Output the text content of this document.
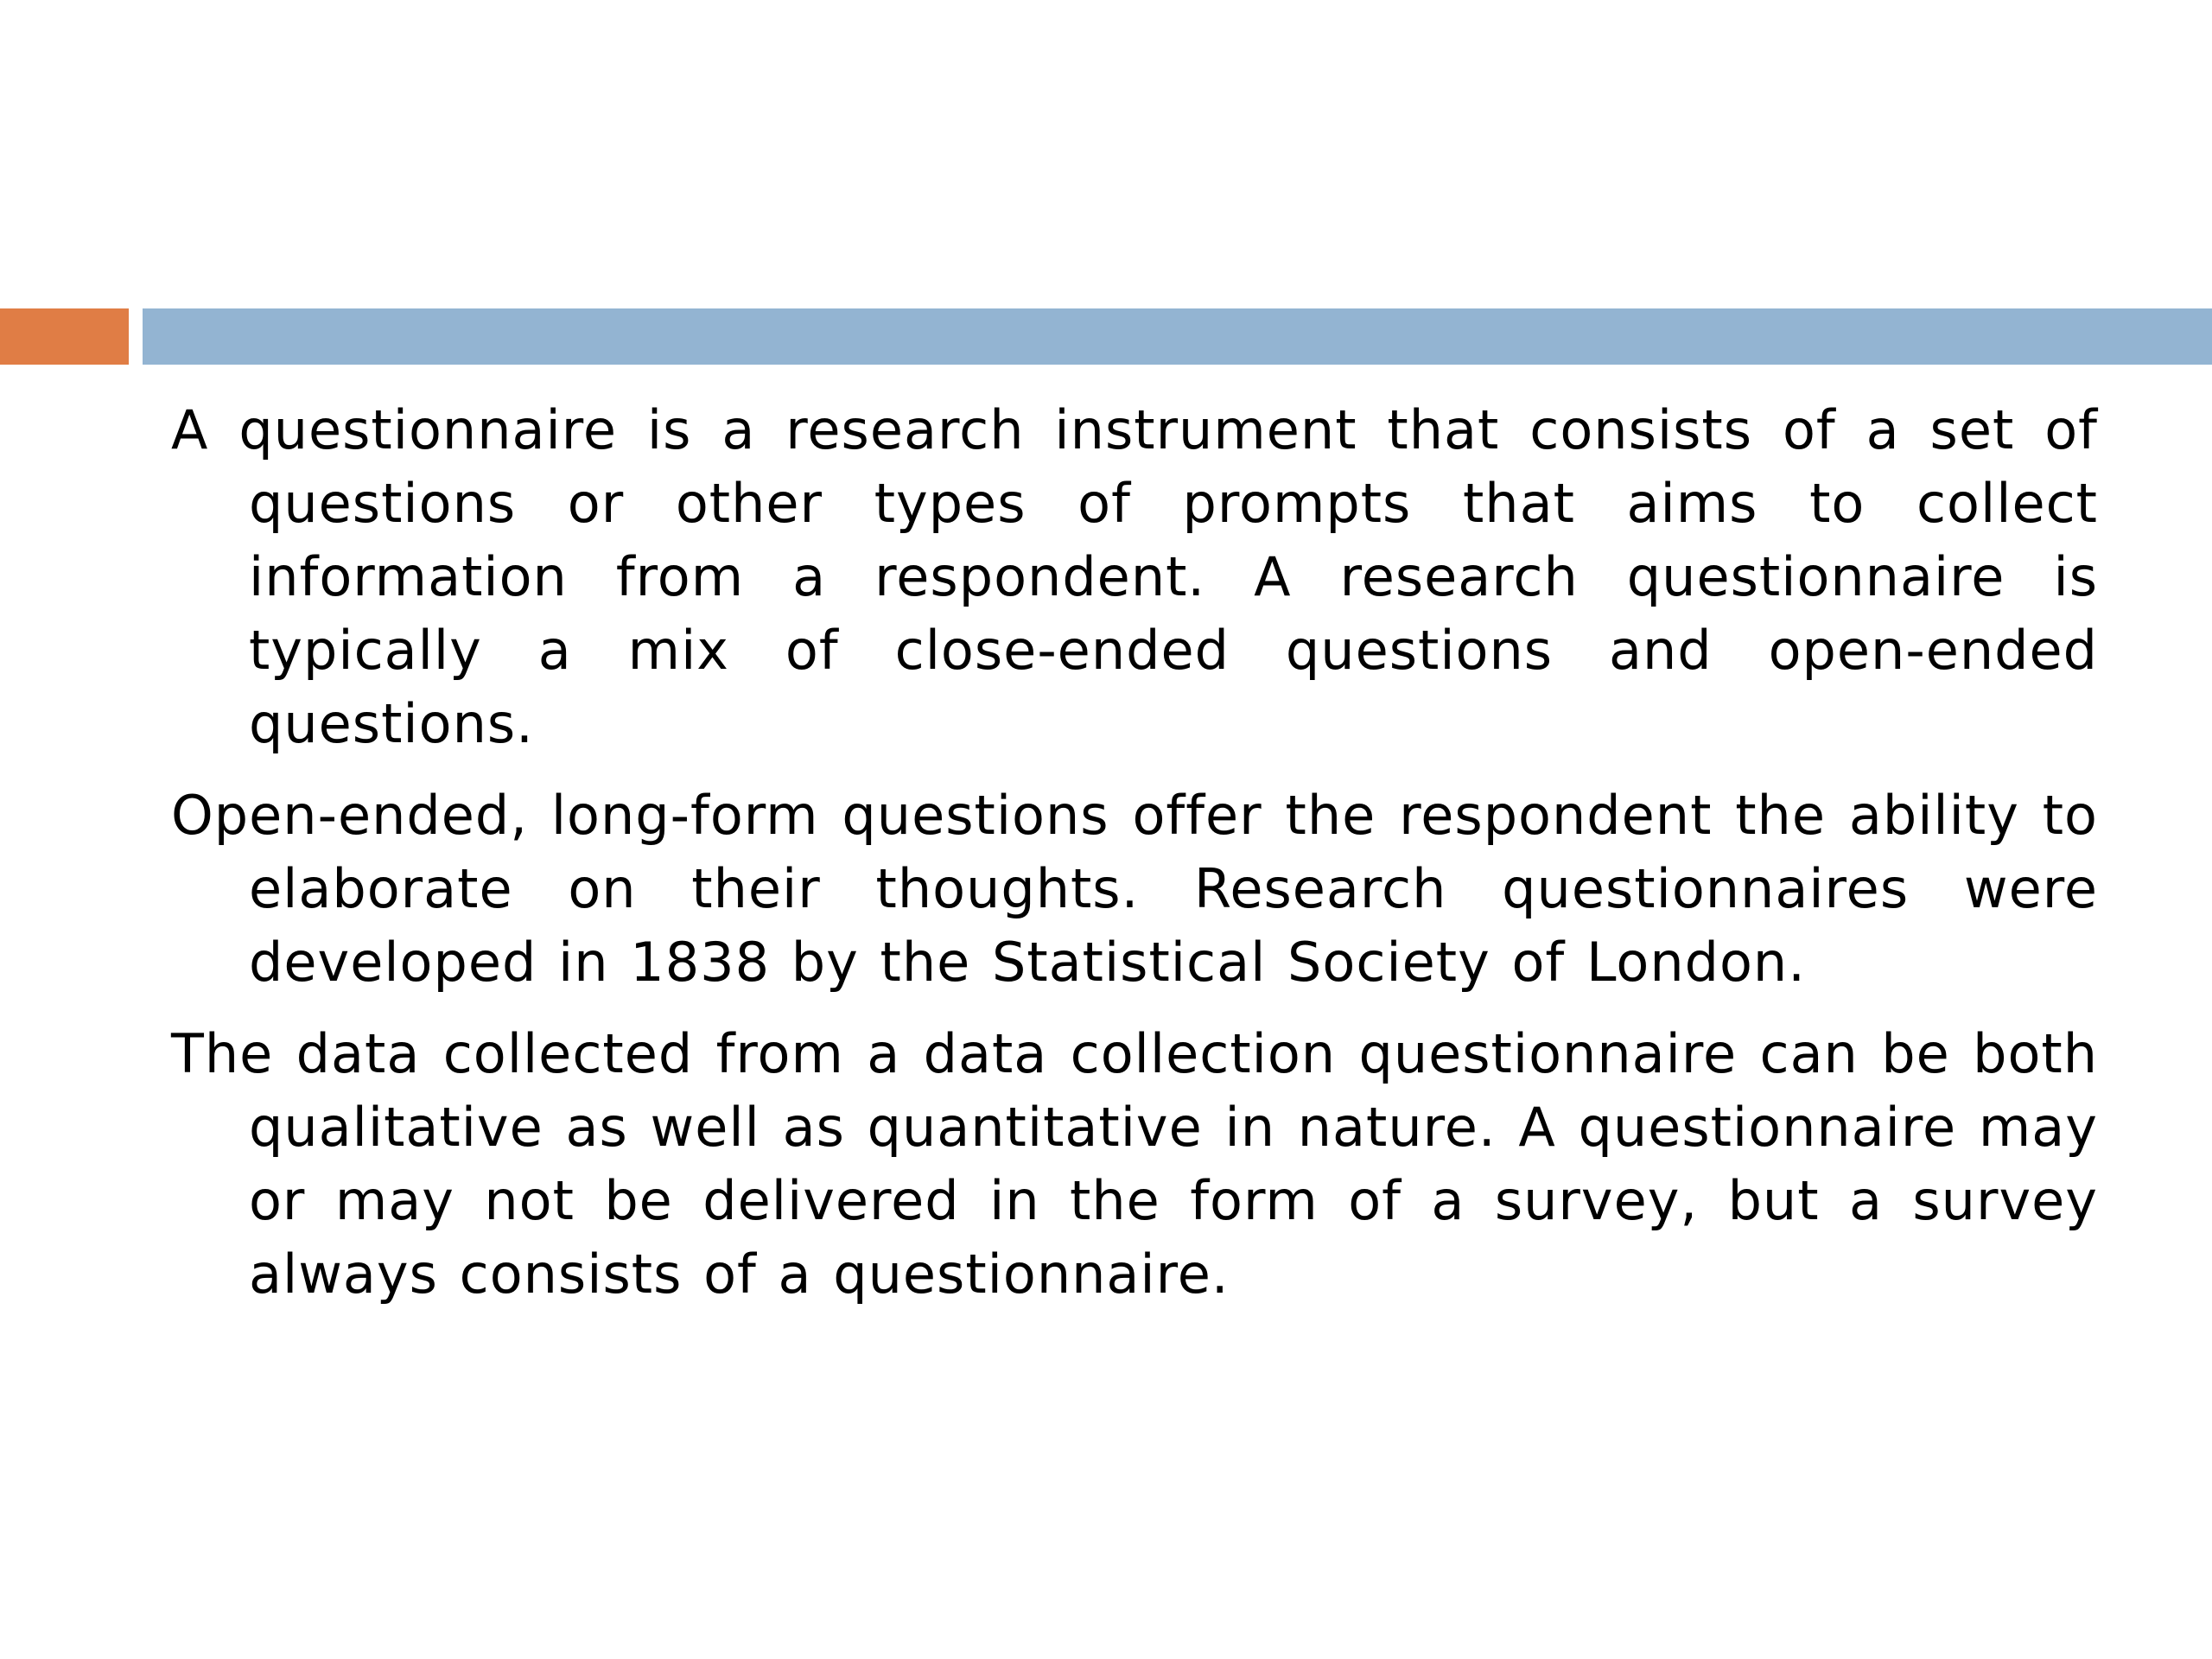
A questionnaire is a research instrument that consists of a set of questions or other types of prompts that aims to collect information from a respondent. A research questionnaire is typically a mix of close-ended questions and open-ended questions.

Open-ended, long-form questions offer the respondent the ability to elaborate on their thoughts. Research questionnaires were developed in 1838 by the Statistical Society of London.

The data collected from a data collection questionnaire can be both qualitative as well as quantitative in nature. A questionnaire may or may not be delivered in the form of a survey, but a survey always consists of a questionnaire.
